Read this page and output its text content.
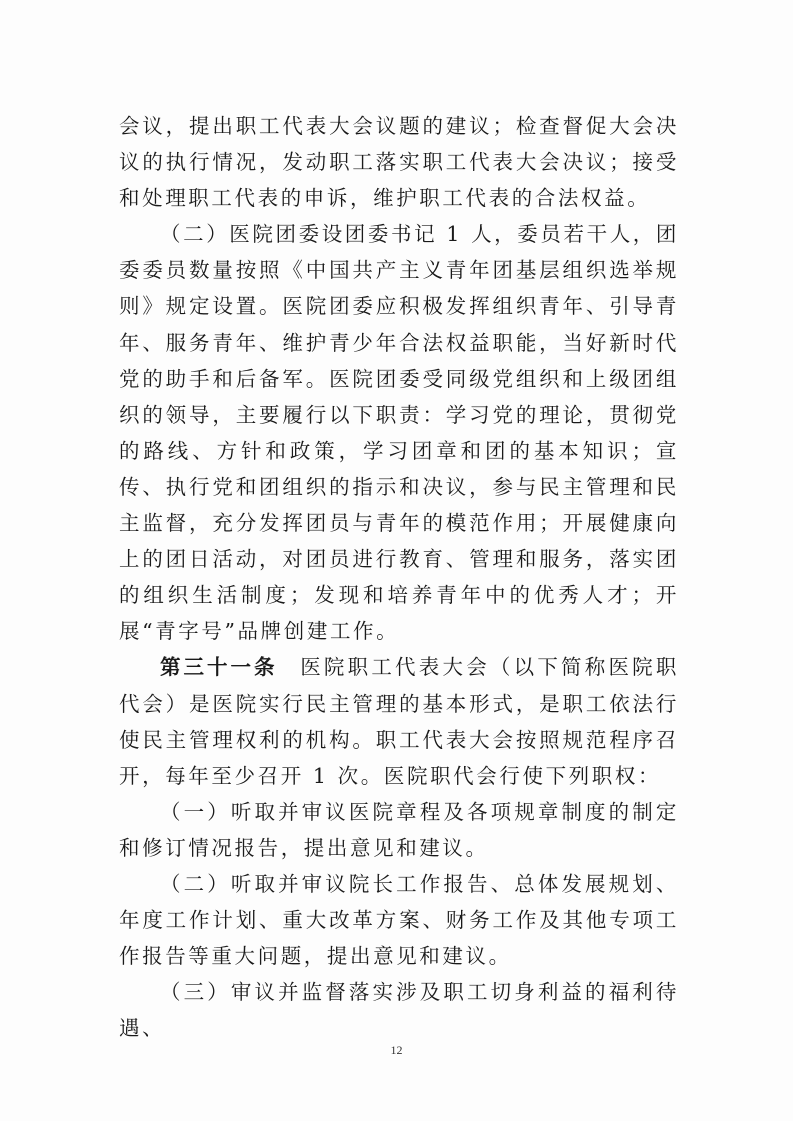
会议，提出职工代表大会议题的建议；检查督促大会决议的执行情况，发动职工落实职工代表大会决议；接受和处理职工代表的申诉，维护职工代表的合法权益。

（二）医院团委设团委书记 1 人，委员若干人，团委委员数量按照《中国共产主义青年团基层组织选举规则》规定设置。医院团委应积极发挥组织青年、引导青年、服务青年、维护青少年合法权益职能，当好新时代党的助手和后备军。医院团委受同级党组织和上级团组织的领导，主要履行以下职责：学习党的理论，贯彻党的路线、方针和政策，学习团章和团的基本知识；宣传、执行党和团组织的指示和决议，参与民主管理和民主监督，充分发挥团员与青年的模范作用；开展健康向上的团日活动，对团员进行教育、管理和服务，落实团的组织生活制度；发现和培养青年中的优秀人才；开展“青字号”品牌创建工作。

第三十一条 医院职工代表大会（以下简称医院职代会）是医院实行民主管理的基本形式，是职工依法行使民主管理权利的机构。职工代表大会按照规范程序召开，每年至少召开 1 次。医院职代会行使下列职权：

（一）听取并审议医院章程及各项规章制度的制定和修订情况报告，提出意见和建议。

（二）听取并审议院长工作报告、总体发展规划、年度工作计划、重大改革方案、财务工作及其他专项工作报告等重大问题，提出意见和建议。

（三）审议并监督落实涉及职工切身利益的福利待遇、

12
